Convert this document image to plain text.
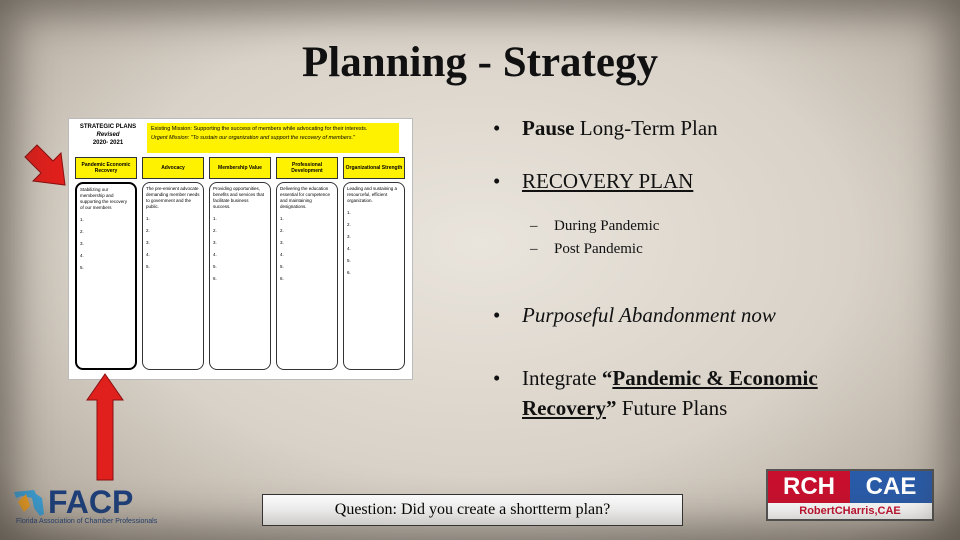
Planning - Strategy
STRATEGIC PLANS
Revised
2020- 2021
Existing Mission: Supporting the success of members while advocating for their interests.
Urgent Mission: "To sustain our organization and support the recovery of members."
Pandemic Economic Recovery
Stabilizing our membership and supporting the recovery of our members
1.

2.

3.

4.

5.
Advocacy
The pre-eminent advocate demanding member needs to government and the public.
1.

2.

3.

4.

5.
Membership Value
Providing opportunities, benefits and services that facilitate business success.
1.

2.

3.

4.

5.

6.
Professional Development
Delivering the education essential for competence and maintaining designations.
1.

2.

3.

4.

5.

6.
Organizational Strength
Leading and sustaining a resourceful, efficient organization.
1.

2.

3.

4.

5.

6.
• Pause Long-Term Plan
• RECOVERY PLAN
– During Pandemic
– Post Pandemic
• Purposeful Abandonment now
• Integrate “Pandemic & Economic
Recovery” Future Plans
Question: Did you create a shortterm plan?
FACP
Florida Association of Chamber Professionals
RCH	CAE
RobertCHarris,CAE
